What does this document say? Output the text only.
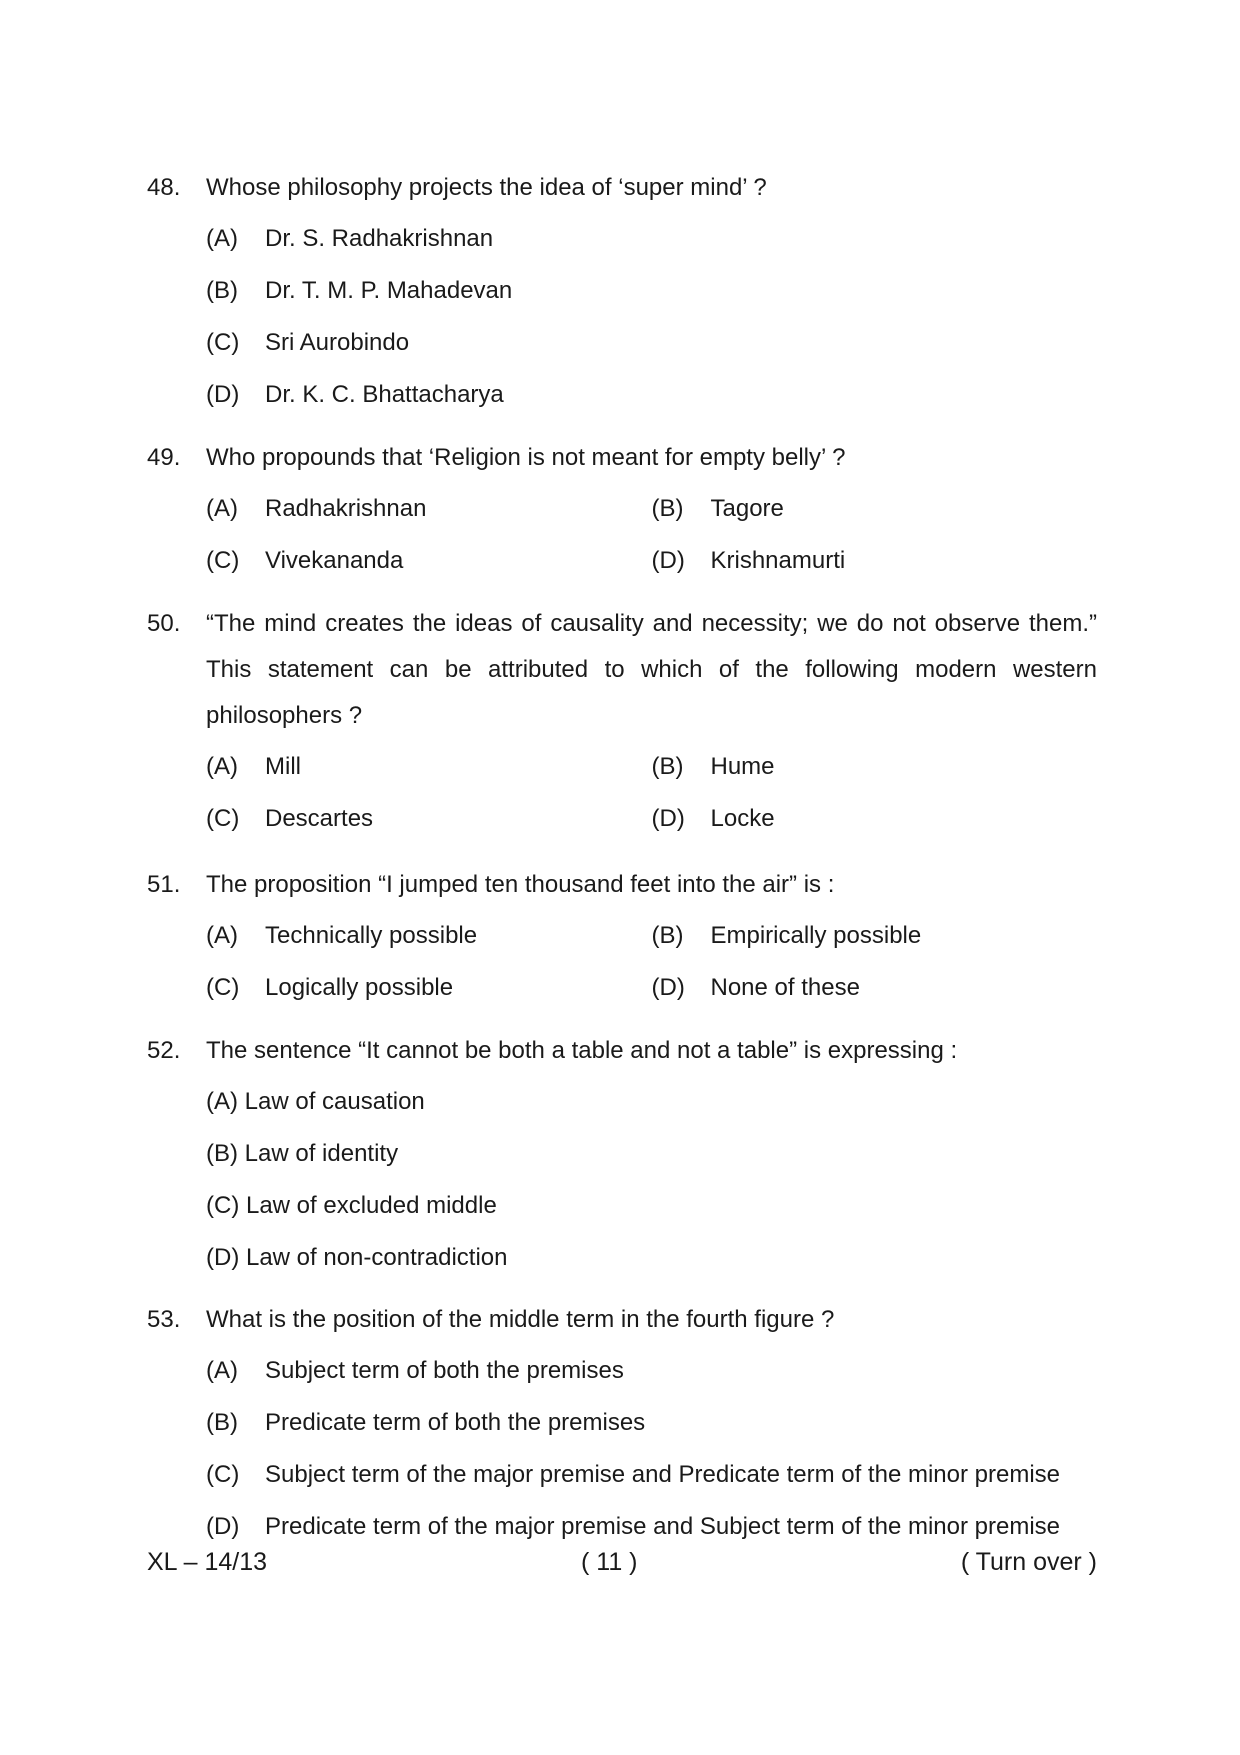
48.	Whose philosophy projects the idea of ‘super mind’ ?
(A)	Dr. S. Radhakrishnan
(B)	Dr. T. M. P. Mahadevan
(C)	Sri Aurobindo
(D)	Dr. K. C. Bhattacharya
49.	Who propounds that ‘Religion is not meant for empty belly’ ?
(A)	Radhakrishnan	(B)	Tagore
(C)	Vivekananda	(D)	Krishnamurti
50.	“The mind creates the ideas of causality and necessity; we do not observe them.”
This statement can be attributed to which of the following modern western
philosophers ?
(A)	Mill	(B)	Hume
(C)	Descartes	(D)	Locke
51.	The proposition “I jumped ten thousand feet into the air” is :
(A)	Technically possible	(B)	Empirically possible
(C)	Logically possible	(D)	None of these
52.	The sentence “It cannot be both a table and not a table” is expressing :
(A) Law of causation
(B) Law of identity
(C) Law of excluded middle
(D) Law of non-contradiction
53.	What is the position of the middle term in the fourth figure ?
(A)	Subject term of both the premises
(B)	Predicate term of both the premises
(C)	Subject term of the major premise and Predicate term of the minor premise
(D)	Predicate term of the major premise and Subject term of the minor premise
XL – 14/13	( 11 )	( Turn over )
